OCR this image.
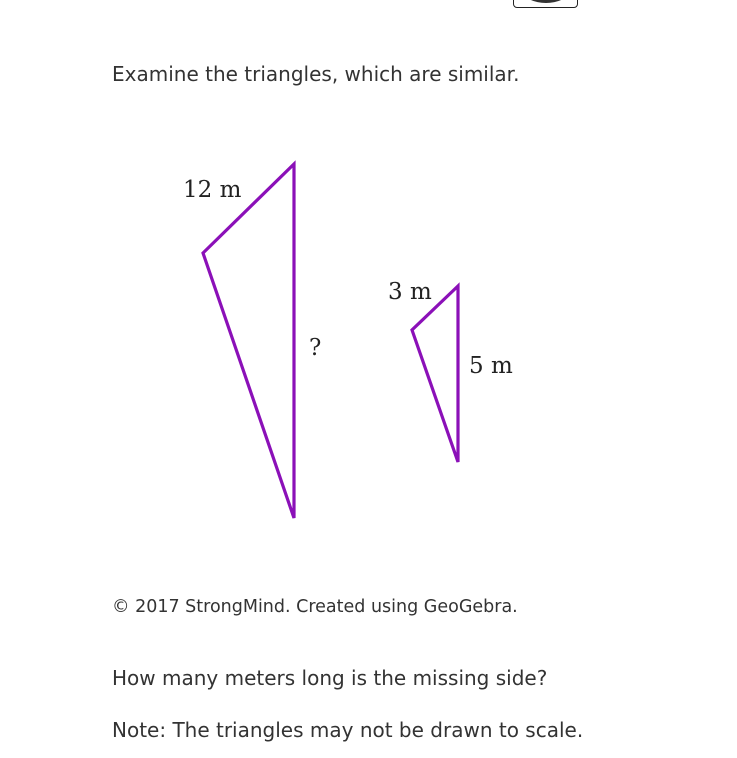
Examine the triangles, which are similar.
12 m
?
3 m
5 m
© 2017 StrongMind. Created using GeoGebra.
How many meters long is the missing side?
Note: The triangles may not be drawn to scale.
